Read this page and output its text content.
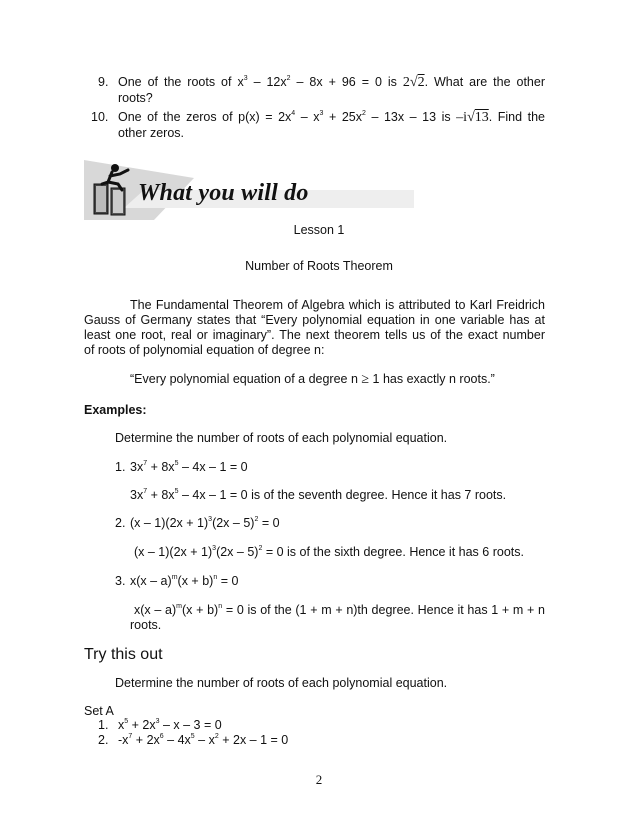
9. One of the roots of $x^3 - 12x^2 - 8x + 96 = 0$ is 2√2. What are the other
roots?
10. One of the zeros of $p(x) = 2x^4 - x^3 + 25x^2 - 13x - 13$ is –i√13. Find the
other zeros.
What you will do
Lesson 1
Number of Roots Theorem
The Fundamental Theorem of Algebra which is attributed to Karl Freidrich
Gauss of Germany states that “Every polynomial equation in one variable has at
least one root, real or imaginary”. The next theorem tells us of the exact number
of roots of polynomial equation of degree n:
“Every polynomial equation of a degree n ≥ 1 has exactly n roots.”
Examples:
Determine the number of roots of each polynomial equation.
1. $3x^7 + 8x^5 - 4x - 1 = 0$
$3x^7 + 8x^5 - 4x - 1 = 0$ is of the seventh degree. Hence it has 7 roots.
2. $(x - 1)(2x + 1)^3(2x - 5)^2 = 0$
$(x - 1)(2x + 1)^3(2x - 5)^2 = 0$ is of the sixth degree. Hence it has 6 roots.
3. $x(x - a)^m(x + b)^n = 0$
$x(x - a)^m(x + b)^n = 0$ is of the (1 + m + n)th degree. Hence it has 1 + m + n
roots.
Try this out
Determine the number of roots of each polynomial equation.
Set A
1. $x^5 + 2x^3 - x - 3 = 0$
2. $-x^7 + 2x^6 - 4x^5 - x^2 + 2x - 1 = 0$
2
